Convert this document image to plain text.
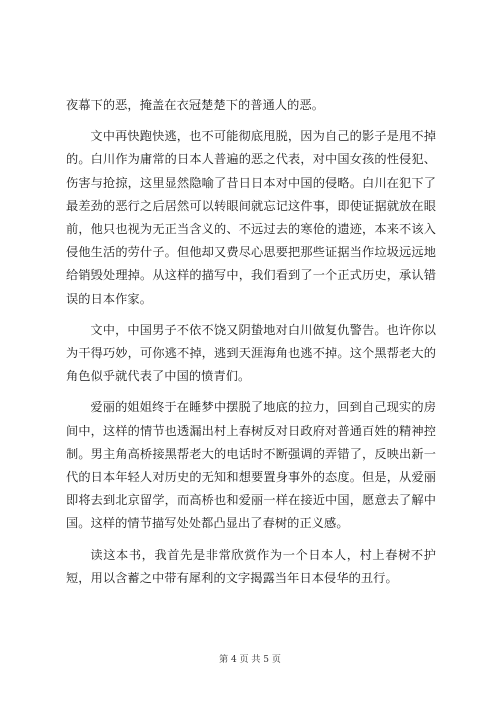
夜幕下的恶，掩盖在衣冠楚楚下的普通人的恶。

文中再快跑快逃，也不可能彻底甩脱，因为自己的影子是甩不掉的。白川作为庸常的日本人普遍的恶之代表，对中国女孩的性侵犯、伤害与抢掠，这里显然隐喻了昔日日本对中国的侵略。白川在犯下了最差劲的恶行之后居然可以转眼间就忘记这件事，即使证据就放在眼前，他只也视为无正当含义的、不远过去的寒伧的遗迹，本来不该入侵他生活的劳什子。但他却又费尽心思要把那些证据当作垃圾远远地给销毁处理掉。从这样的描写中，我们看到了一个正式历史，承认错误的日本作家。

文中，中国男子不依不饶又阴蛰地对白川做复仇警告。也许你以为干得巧妙，可你逃不掉，逃到天涯海角也逃不掉。这个黑帮老大的角色似乎就代表了中国的愤青们。

爱丽的姐姐终于在睡梦中摆脱了地底的拉力，回到自己现实的房间中，这样的情节也透漏出村上春树反对日政府对普通百姓的精神控制。男主角高桥接黑帮老大的电话时不断强调的弄错了，反映出新一代的日本年轻人对历史的无知和想要置身事外的态度。但是，从爱丽即将去到北京留学，而高桥也和爱丽一样在接近中国，愿意去了解中国。这样的情节描写处处都凸显出了春树的正义感。

读这本书，我首先是非常欣赏作为一个日本人，村上春树不护短，用以含蓄之中带有犀利的文字揭露当年日本侵华的丑行。

第 4 页 共 5 页
